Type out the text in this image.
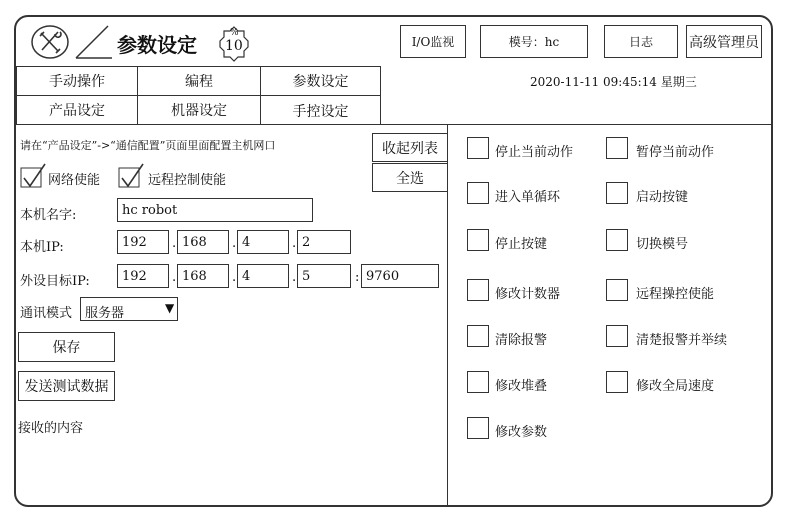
参数设定	%
10	I/O监视	模号：hc	日志	高级管理员
手动操作	编程	参数设定	2020-11-11 09:45:14 星期三
产品设定	机器设定	手控设定
请在“产品设定”->“通信配置”页面里面配置主机网口	收起列表
全选
网络使能	远程控制使能
本机名字:	hc robot
本机IP:	192	. 168	. 4	. 2
外设目标IP:	192	. 168	. 4	. 5	: 9760
通讯模式 服务器	▼
保存
发送测试数据
接收的内容
停止当前动作	暂停当前动作
进入单循环	启动按键
停止按键	切换模号
修改计数器	远程操控使能
清除报警	清楚报警并举续
修改堆叠	修改全局速度
修改参数
